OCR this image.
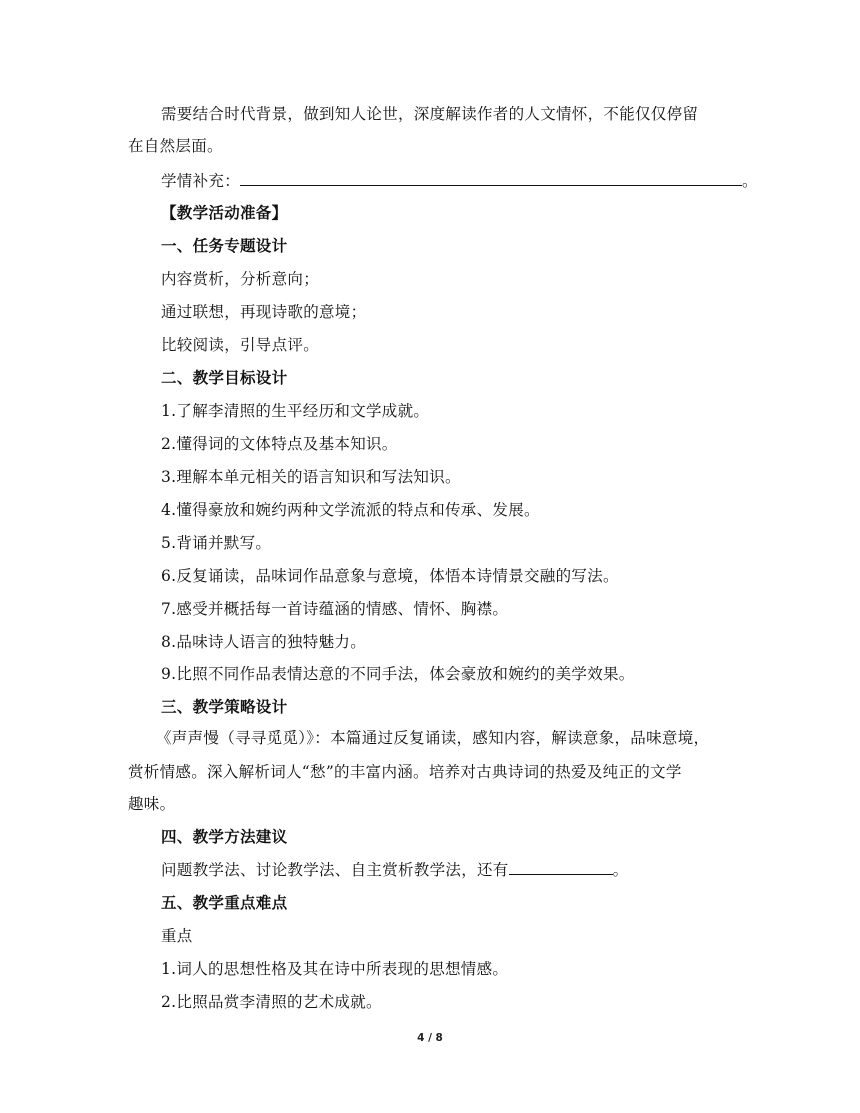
需要结合时代背景，做到知人论世，深度解读作者的人文情怀，不能仅仅停留
在自然层面。
学情补充：	。
【教学活动准备】
一、任务专题设计
内容赏析，分析意向；
通过联想，再现诗歌的意境；
比较阅读，引导点评。
二、教学目标设计
1.了解李清照的生平经历和文学成就。
2.懂得词的文体特点及基本知识。
3.理解本单元相关的语言知识和写法知识。
4.懂得豪放和婉约两种文学流派的特点和传承、发展。
5.背诵并默写。
6.反复诵读，品味词作品意象与意境，体悟本诗情景交融的写法。
7.感受并概括每一首诗蕴涵的情感、情怀、胸襟。
8.品味诗人语言的独特魅力。
9.比照不同作品表情达意的不同手法，体会豪放和婉约的美学效果。
三、教学策略设计
《声声慢（寻寻觅觅）》：本篇通过反复诵读，感知内容，解读意象，品味意境，
赏析情感。深入解析词人“愁”的丰富内涵。培养对古典诗词的热爱及纯正的文学
趣味。
四、教学方法建议
问题教学法、讨论教学法、自主赏析教学法，还有	。
五、教学重点难点
重点
1.词人的思想性格及其在诗中所表现的思想情感。
2.比照品赏李清照的艺术成就。
4 / 8
